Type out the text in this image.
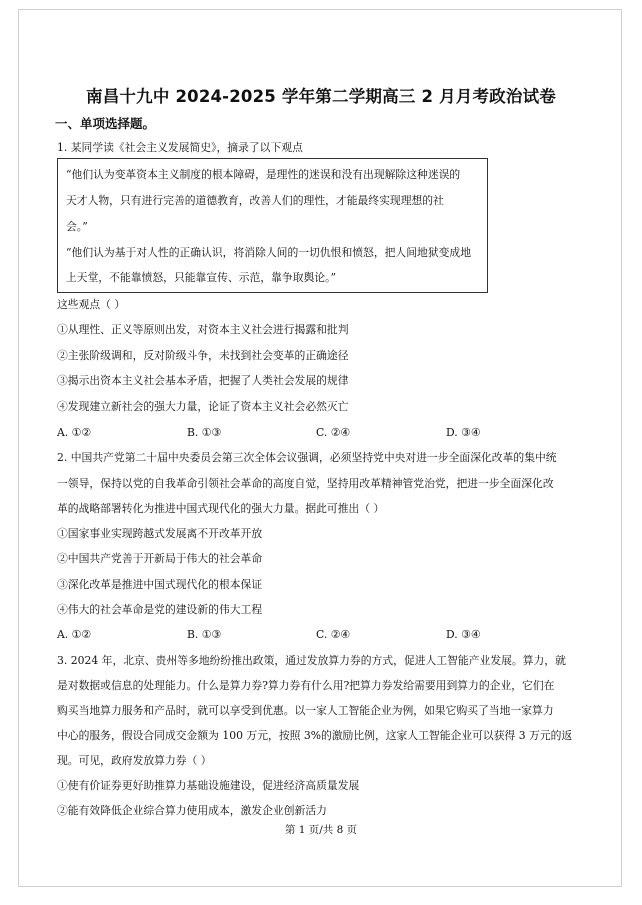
南昌十九中 2024-2025 学年第二学期高三 2 月月考政治试卷
一、单项选择题。
1. 某同学读《社会主义发展简史》，摘录了以下观点
“他们认为变革资本主义制度的根本障碍，是理性的迷误和没有出现解除这种迷误的
天才人物，只有进行完善的道德教育，改善人们的理性，才能最终实现理想的社
会。”
“他们认为基于对人性的正确认识，将消除人间的一切仇恨和愤怒，把人间地狱变成地
上天堂，不能靠愤怒，只能靠宣传、示范，靠争取舆论。”
这些观点（ ）
①从理性、正义等原则出发，对资本主义社会进行揭露和批判
②主张阶级调和，反对阶级斗争，未找到社会变革的正确途径
③揭示出资本主义社会基本矛盾，把握了人类社会发展的规律
④发现建立新社会的强大力量，论证了资本主义社会必然灭亡
A. ①②	B. ①③	C. ②④	D. ③④
2. 中国共产党第二十届中央委员会第三次全体会议强调，必须坚持党中央对进一步全面深化改革的集中统
一领导，保持以党的自我革命引领社会革命的高度自觉，坚持用改革精神管党治党，把进一步全面深化改
革的战略部署转化为推进中国式现代化的强大力量。据此可推出（ ）
①国家事业实现跨越式发展离不开改革开放
②中国共产党善于开新局于伟大的社会革命
③深化改革是推进中国式现代化的根本保证
④伟大的社会革命是党的建设新的伟大工程
A. ①②	B. ①③	C. ②④	D. ③④
3. 2024 年，北京、贵州等多地纷纷推出政策，通过发放算力券的方式，促进人工智能产业发展。算力，就
是对数据或信息的处理能力。什么是算力券?算力券有什么用?把算力券发给需要用到算力的企业，它们在
购买当地算力服务和产品时，就可以享受到优惠。以一家人工智能企业为例，如果它购买了当地一家算力
中心的服务，假设合同成交金额为 100 万元，按照 3%的激励比例，这家人工智能企业可以获得 3 万元的返
现。可见，政府发放算力券（ ）
①使有价证券更好助推算力基础设施建设，促进经济高质量发展
②能有效降低企业综合算力使用成本，激发企业创新活力
第 1 页/共 8 页
